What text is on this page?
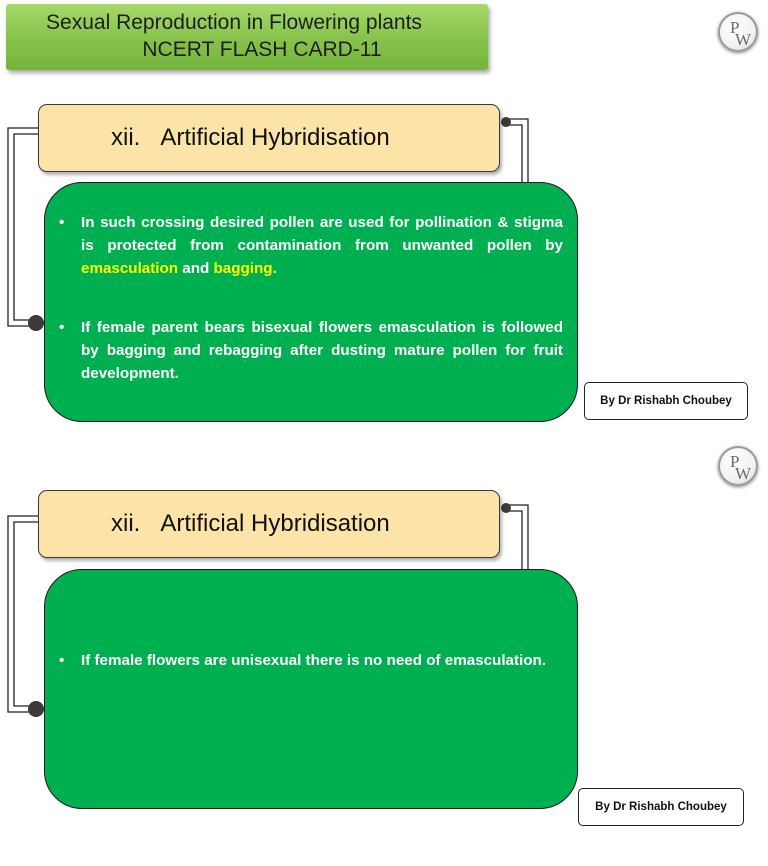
Sexual Reproduction in Flowering plants
NCERT FLASH CARD-11
P
W
xii. Artificial Hybridisation
• In such crossing desired pollen are used for pollination & stigma is protected from contamination from unwanted pollen by emasculation and bagging.
• If female parent bears bisexual flowers emasculation is followed by bagging and rebagging after dusting mature pollen for fruit development.
By Dr Rishabh Choubey
P
W
xii. Artificial Hybridisation
• If female flowers are unisexual there is no need of emasculation.
By Dr Rishabh Choubey
